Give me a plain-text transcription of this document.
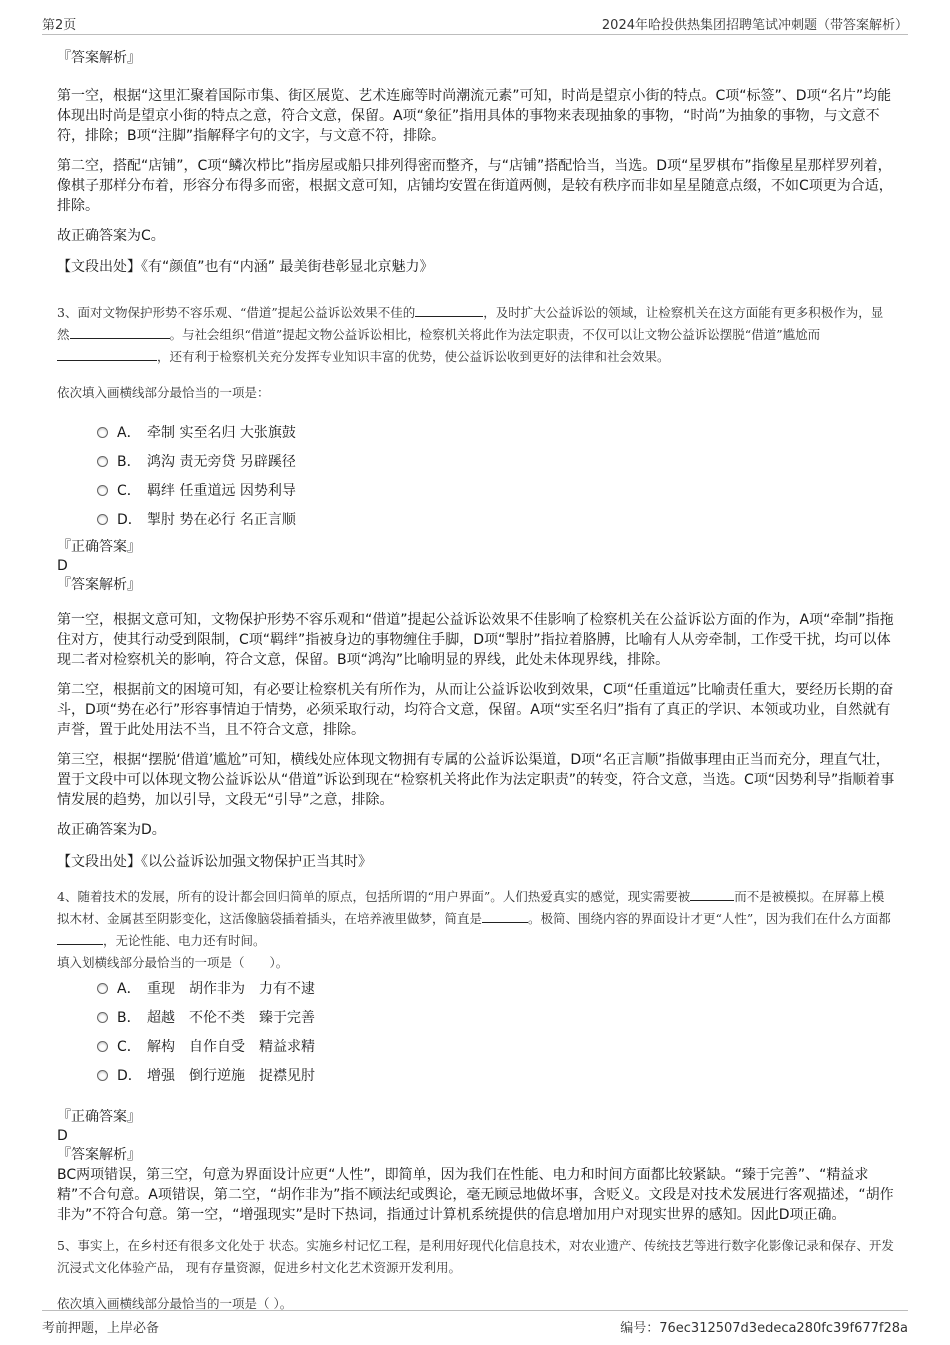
第2页	2024年哈投供热集团招聘笔试冲刺题（带答案解析）

『答案解析』

第一空，根据“这里汇聚着国际市集、街区展览、艺术连廊等时尚潮流元素”可知，时尚是望京小街的特点。C项“标签”、D项“名片”均能体现出时尚是望京小街的特点之意，符合文意，保留。A项“象征”指用具体的事物来表现抽象的事物，“时尚”为抽象的事物，与文意不符，排除；B项“注脚”指解释字句的文字，与文意不符，排除。

第二空，搭配“店铺”，C项“鳞次栉比”指房屋或船只排列得密而整齐，与“店铺”搭配恰当，当选。D项“星罗棋布”指像星星那样罗列着，像棋子那样分布着，形容分布得多而密，根据文意可知，店铺均安置在街道两侧，是较有秩序而非如星星随意点缀，不如C项更为合适，排除。

故正确答案为C。

【文段出处】《有“颜值”也有“内涵” 最美街巷彰显北京魅力》

3、面对文物保护形势不容乐观、“借道”提起公益诉讼效果不佳的	，及时扩大公益诉讼的领域，让检察机关在这方面能有更多积极作为，显然	。与社会组织“借道”提起文物公益诉讼相比，检察机关将此作为法定职责，不仅可以让文物公益诉讼摆脱“借道”尴尬而，还有利于检察机关充分发挥专业知识丰富的优势，使公益诉讼收到更好的法律和社会效果。

依次填入画横线部分最恰当的一项是：

A． 牵制 实至名归 大张旗鼓
B． 鸿沟 责无旁贷 另辟蹊径
C． 羁绊 任重道远 因势利导
D． 掣肘 势在必行 名正言顺

『正确答案』

D

『答案解析』

第一空，根据文意可知，文物保护形势不容乐观和“借道”提起公益诉讼效果不佳影响了检察机关在公益诉讼方面的作为，A项“牵制”指拖住对方，使其行动受到限制，C项“羁绊”指被身边的事物缠住手脚，D项“掣肘”指拉着胳膊，比喻有人从旁牵制，工作受干扰，均可以体现二者对检察机关的影响，符合文意，保留。B项“鸿沟”比喻明显的界线，此处未体现界线，排除。

第二空，根据前文的困境可知，有必要让检察机关有所作为，从而让公益诉讼收到效果，C项“任重道远”比喻责任重大，要经历长期的奋斗，D项“势在必行”形容事情迫于情势，必须采取行动，均符合文意，保留。A项“实至名归”指有了真正的学识、本领或功业，自然就有声誉，置于此处用法不当，且不符合文意，排除。

第三空，根据“摆脱‘借道’尴尬”可知，横线处应体现文物拥有专属的公益诉讼渠道，D项“名正言顺”指做事理由正当而充分，理直气壮，置于文段中可以体现文物公益诉讼从“借道”诉讼到现在“检察机关将此作为法定职责”的转变，符合文意，当选。C项“因势利导”指顺着事情发展的趋势，加以引导，文段无“引导”之意，排除。

故正确答案为D。

【文段出处】《以公益诉讼加强文物保护正当其时》

4、随着技术的发展，所有的设计都会回归简单的原点，包括所谓的“用户界面”。人们热爱真实的感觉，现实需要被	而不是被模拟。在屏幕上模拟木材、金属甚至阴影变化，这活像脑袋插着插头，在培养液里做梦，简直是	。极简、围绕内容的界面设计才更“人性”，因为我们在什么方面都，无论性能、电力还有时间。

填入划横线部分最恰当的一项是（　　）。

A． 重现　胡作非为　力有不逮
B． 超越　不伦不类　臻于完善
C． 解构　自作自受　精益求精
D． 增强　倒行逆施　捉襟见肘

『正确答案』

D

『答案解析』

BC两项错误，第三空，句意为界面设计应更“人性”，即简单，因为我们在性能、电力和时间方面都比较紧缺。“臻于完善”、“精益求精”不合句意。A项错误，第二空，“胡作非为”指不顾法纪或舆论，毫无顾忌地做坏事，含贬义。文段是对技术发展进行客观描述，“胡作非为”不符合句意。第一空，“增强现实”是时下热词，指通过计算机系统提供的信息增加用户对现实世界的感知。因此D项正确。

5、事实上，在乡村还有很多文化处于 状态。实施乡村记忆工程，是利用好现代化信息技术，对农业遗产、传统技艺等进行数字化影像记录和保存、开发沉浸式文化体验产品， 现有存量资源，促进乡村文化艺术资源开发利用。

依次填入画横线部分最恰当的一项是（ ）。

考前押题，上岸必备	编号：76ec312507d3edeca280fc39f677f28a
